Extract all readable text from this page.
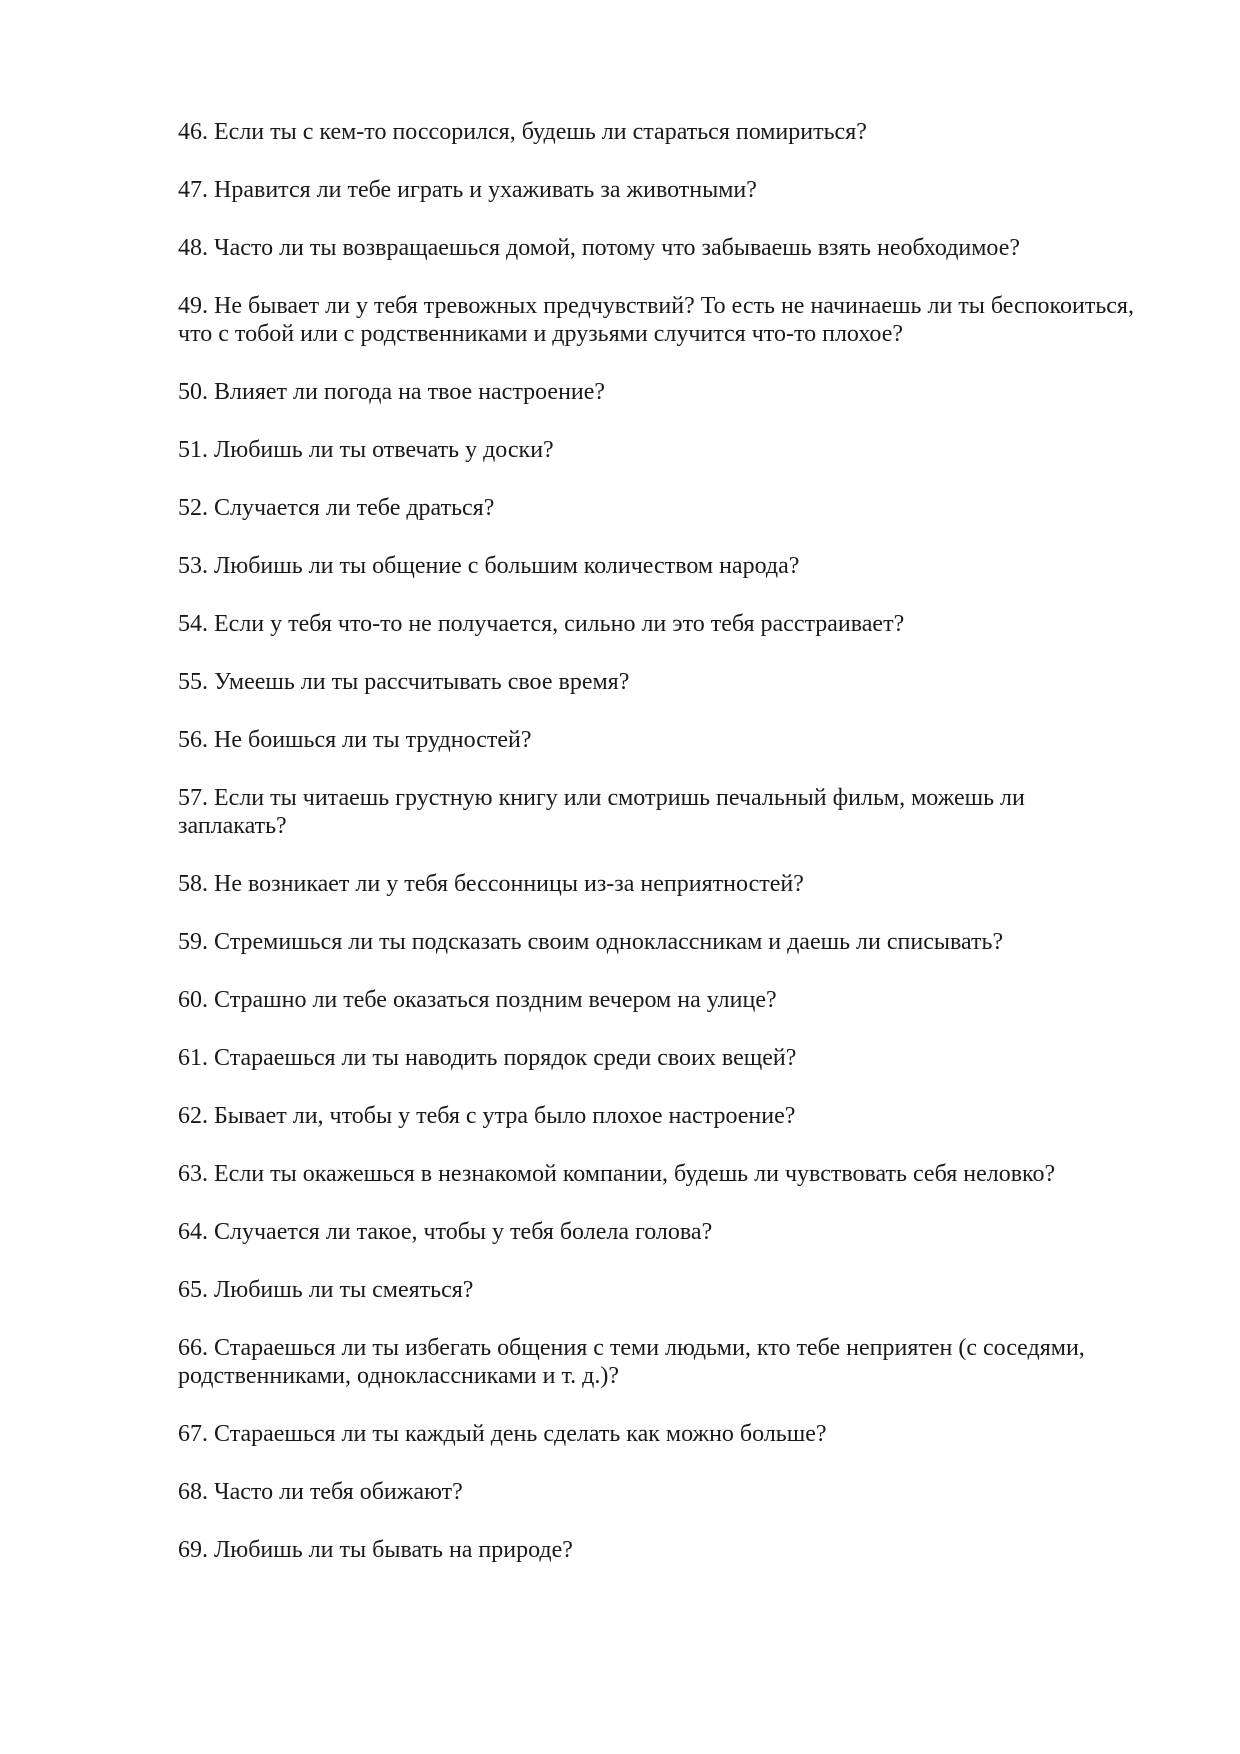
46. Если ты с кем-то поссорился, будешь ли стараться помириться?

47. Нравится ли тебе играть и ухаживать за животными?

48. Часто ли ты возвращаешься домой, потому что забываешь взять необходимое?

49. Не бывает ли у тебя тревожных предчувствий? То есть не начинаешь ли ты беспокоиться, что с тобой или с родственниками и друзьями случится что-то плохое?

50. Влияет ли погода на твое настроение?

51. Любишь ли ты отвечать у доски?

52. Случается ли тебе драться?

53. Любишь ли ты общение с большим количеством народа?

54. Если у тебя что-то не получается, сильно ли это тебя расстраивает?

55. Умеешь ли ты рассчитывать свое время?

56. Не боишься ли ты трудностей?

57. Если ты читаешь грустную книгу или смотришь печальный фильм, можешь ли заплакать?

58. Не возникает ли у тебя бессонницы из-за неприятностей?

59. Стремишься ли ты подсказать своим одноклассникам и даешь ли списывать?

60. Страшно ли тебе оказаться поздним вечером на улице?

61. Стараешься ли ты наводить порядок среди своих вещей?

62. Бывает ли, чтобы у тебя с утра было плохое настроение?

63. Если ты окажешься в незнакомой компании, будешь ли чувствовать себя неловко?

64. Случается ли такое, чтобы у тебя болела голова?

65. Любишь ли ты смеяться?

66. Стараешься ли ты избегать общения с теми людьми, кто тебе неприятен (с соседями, родственниками, одноклассниками и т. д.)?

67. Стараешься ли ты каждый день сделать как можно больше?

68. Часто ли тебя обижают?

69. Любишь ли ты бывать на природе?
